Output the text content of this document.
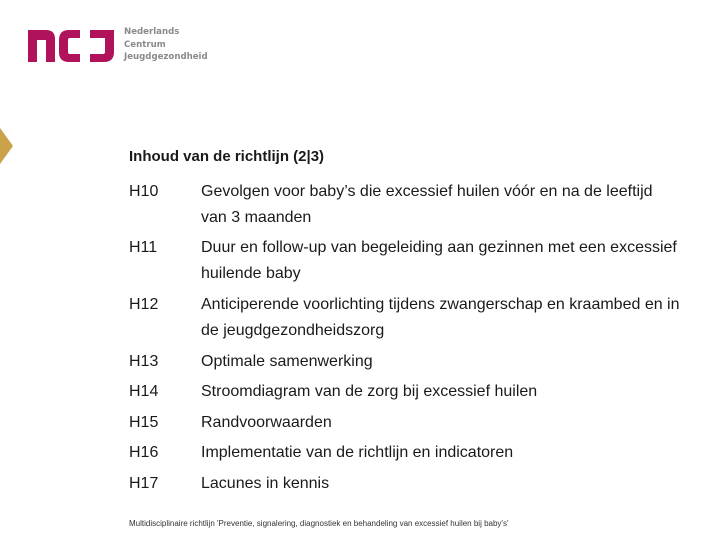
Nederlands
Centrum
Jeugdgezondheid
Inhoud van de richtlijn (2|3)
H10	Gevolgen voor baby’s die excessief huilen vóór en na de leeftijd van 3 maanden
H11	Duur en follow-up van begeleiding aan gezinnen met een excessief huilende baby
H12	Anticiperende voorlichting tijdens zwangerschap en kraambed en in de jeugdgezondheidszorg
H13	Optimale samenwerking
H14	Stroomdiagram van de zorg bij excessief huilen
H15	Randvoorwaarden
H16	Implementatie van de richtlijn en indicatoren
H17	Lacunes in kennis
Multidisciplinaire richtlijn 'Preventie, signalering, diagnostiek en behandeling van excessief huilen bij baby's'
